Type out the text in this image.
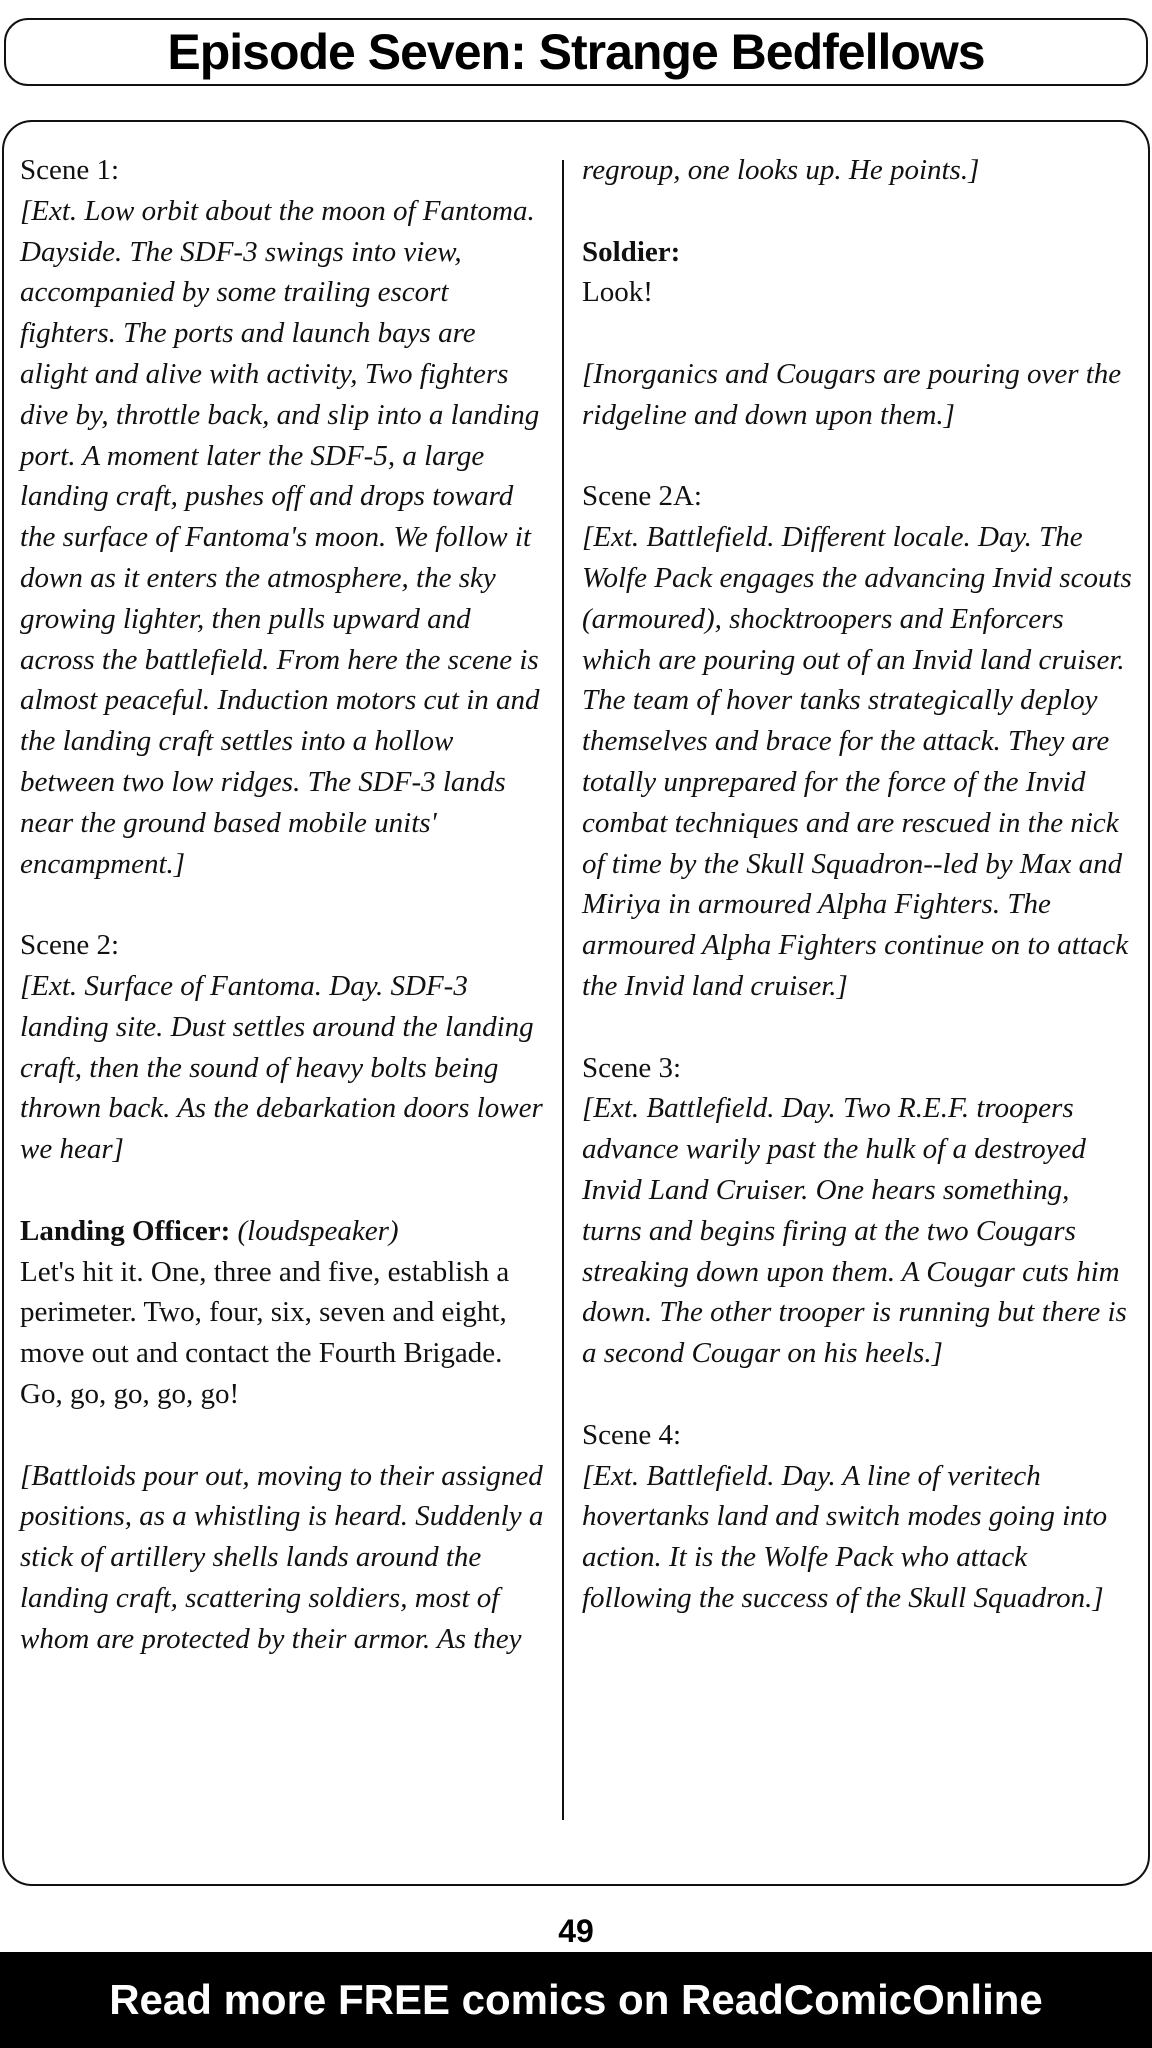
Episode Seven: Strange Bedfellows

Scene 1:
[Ext. Low orbit about the moon of Fantoma. Dayside. The SDF-3 swings into view, accompanied by some trailing escort fighters. The ports and launch bays are alight and alive with activity, Two fighters dive by, throttle back, and slip into a landing port. A moment later the SDF-5, a large landing craft, pushes off and drops toward the surface of Fantoma's moon. We follow it down as it enters the atmosphere, the sky growing lighter, then pulls upward and across the battlefield. From here the scene is almost peaceful. Induction motors cut in and the landing craft settles into a hollow between two low ridges. The SDF-3 lands near the ground based mobile units' encampment.]

Scene 2:
[Ext. Surface of Fantoma. Day. SDF-3 landing site. Dust settles around the landing craft, then the sound of heavy bolts being thrown back. As the debarkation doors lower we hear]

Landing Officer: (loudspeaker)
Let's hit it. One, three and five, establish a perimeter. Two, four, six, seven and eight, move out and contact the Fourth Brigade. Go, go, go, go, go!

[Battloids pour out, moving to their assigned positions, as a whistling is heard. Suddenly a stick of artillery shells lands around the landing craft, scattering soldiers, most of whom are protected by their armor. As they

regroup, one looks up. He points.]

Soldier:
Look!

[Inorganics and Cougars are pouring over the ridgeline and down upon them.]

Scene 2A:
[Ext. Battlefield. Different locale. Day. The Wolfe Pack engages the advancing Invid scouts (armoured), shocktroopers and Enforcers which are pouring out of an Invid land cruiser. The team of hover tanks strategically deploy themselves and brace for the attack. They are totally unprepared for the force of the Invid combat techniques and are rescued in the nick of time by the Skull Squadron--led by Max and Miriya in armoured Alpha Fighters. The armoured Alpha Fighters continue on to attack the Invid land cruiser.]

Scene 3:
[Ext. Battlefield. Day. Two R.E.F. troopers advance warily past the hulk of a destroyed Invid Land Cruiser. One hears something, turns and begins firing at the two Cougars streaking down upon them. A Cougar cuts him down. The other trooper is running but there is a second Cougar on his heels.]

Scene 4:
[Ext. Battlefield. Day. A line of veritech hovertanks land and switch modes going into action. It is the Wolfe Pack who attack following the success of the Skull Squadron.]

49
Read more FREE comics on ReadComicOnline
